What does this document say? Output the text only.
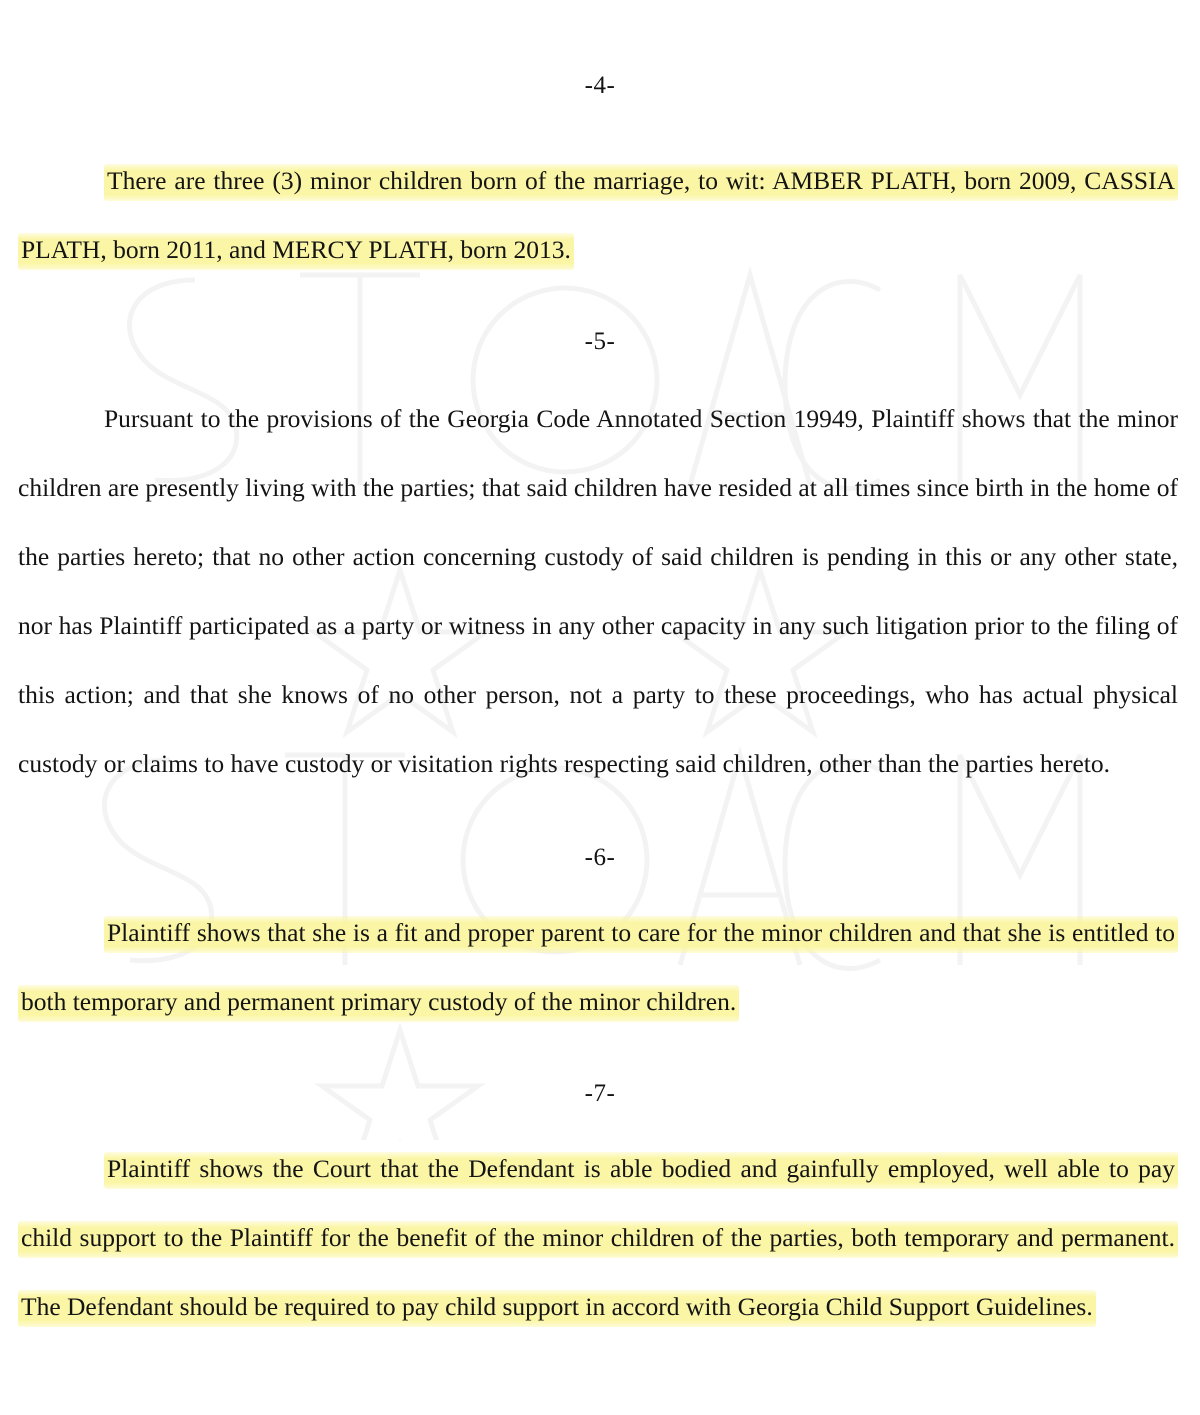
-4-

There are three (3) minor children born of the marriage, to wit: AMBER PLATH, born 2009, CASSIA PLATH, born 2011, and MERCY PLATH, born 2013.

-5-

Pursuant to the provisions of the Georgia Code Annotated Section 19949, Plaintiff shows that the minor children are presently living with the parties; that said children have resided at all times since birth in the home of the parties hereto; that no other action concerning custody of said children is pending in this or any other state, nor has Plaintiff participated as a party or witness in any other capacity in any such litigation prior to the filing of this action; and that she knows of no other person, not a party to these proceedings, who has actual physical custody or claims to have custody or visitation rights respecting said children, other than the parties hereto.

-6-

Plaintiff shows that she is a fit and proper parent to care for the minor children and that she is entitled to both temporary and permanent primary custody of the minor children.

-7-

Plaintiff shows the Court that the Defendant is able bodied and gainfully employed, well able to pay child support to the Plaintiff for the benefit of the minor children of the parties, both temporary and permanent. The Defendant should be required to pay child support in accord with Georgia Child Support Guidelines.
